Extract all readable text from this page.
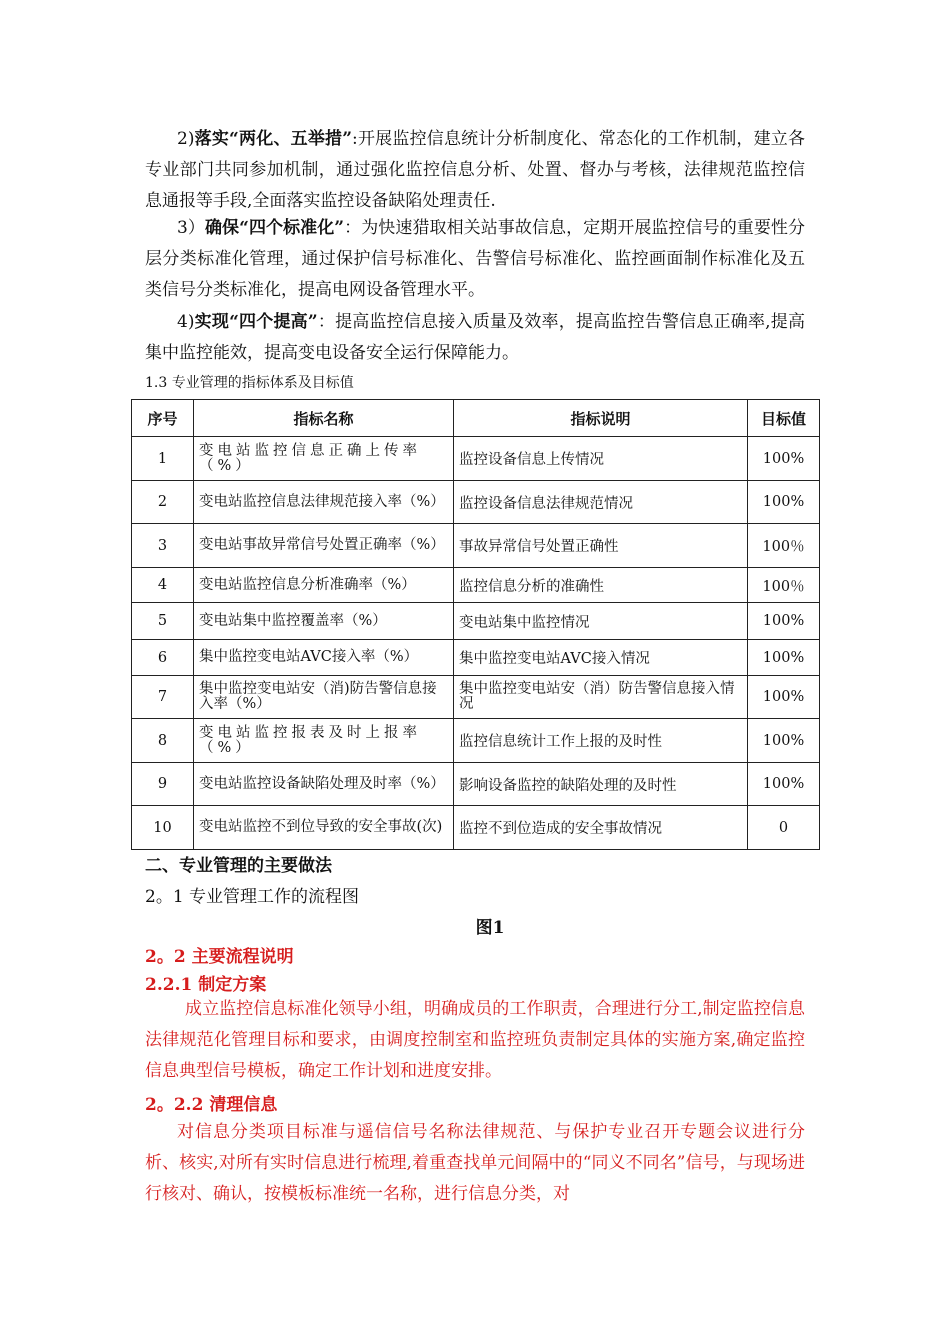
2)落实“两化、五举措”:开展监控信息统计分析制度化、常态化的工作机制，建立各专业部门共同参加机制，通过强化监控信息分析、处置、督办与考核，法律规范监控信息通报等手段,全面落实监控设备缺陷处理责任.
3）确保“四个标准化”：为快速猎取相关站事故信息，定期开展监控信号的重要性分层分类标准化管理，通过保护信号标准化、告警信号标准化、监控画面制作标准化及五类信号分类标准化，提高电网设备管理水平。
4)实现“四个提高”：提高监控信息接入质量及效率，提高监控告警信息正确率,提高集中监控能效，提高变电设备安全运行保障能力。
1.3 专业管理的指标体系及目标值
序号	指标名称	指标说明	目标值
1	变电站监控信息正确上传率（%）	监控设备信息上传情况	100%
2	变电站监控信息法律规范接入率（%）	监控设备信息法律规范情况	100%
3	变电站事故异常信号处置正确率（%）	事故异常信号处置正确性	100％
4	变电站监控信息分析准确率（%）	监控信息分析的准确性	100％
5	变电站集中监控覆盖率（%）	变电站集中监控情况	100%
6	集中监控变电站AVC接入率（%）	集中监控变电站AVC接入情况	100%
7	集中监控变电站安（消)防告警信息接入率（%）	集中监控变电站安（消）防告警信息接入情况	100%
8	变电站监控报表及时上报率（%）	监控信息统计工作上报的及时性	100%
9	变电站监控设备缺陷处理及时率（%）	影响设备监控的缺陷处理的及时性	100%
10	变电站监控不到位导致的安全事故(次)	监控不到位造成的安全事故情况	0
二、专业管理的主要做法
2。1 专业管理工作的流程图
图1
2。2 主要流程说明
2.2.1 制定方案
成立监控信息标准化领导小组，明确成员的工作职责，合理进行分工,制定监控信息法律规范化管理目标和要求，由调度控制室和监控班负责制定具体的实施方案,确定监控信息典型信号模板，确定工作计划和进度安排。
2。2.2 清理信息
对信息分类项目标准与遥信信号名称法律规范、与保护专业召开专题会议进行分析、核实,对所有实时信息进行梳理,着重查找单元间隔中的“同义不同名”信号，与现场进行核对、确认，按模板标准统一名称，进行信息分类，对
